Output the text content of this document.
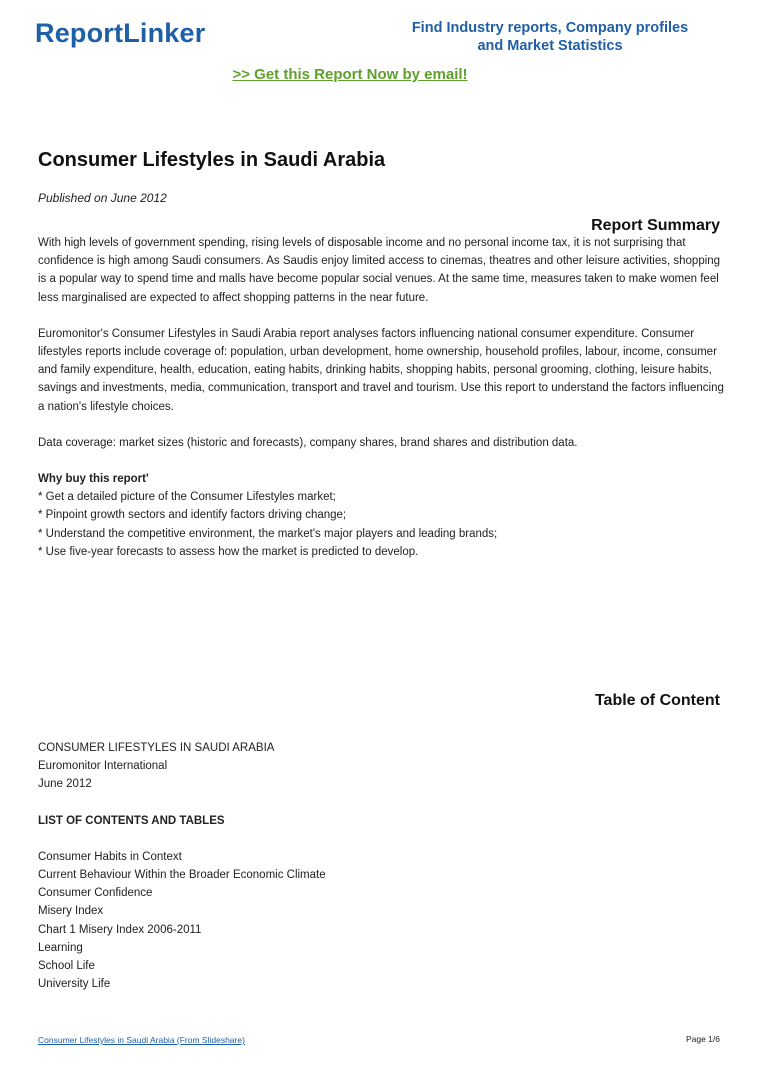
ReportLinker	Find Industry reports, Company profiles
and Market Statistics
>> Get this Report Now by email!
Consumer Lifestyles in Saudi Arabia
Published on June 2012
Report Summary

With high levels of government spending, rising levels of disposable income and no personal income tax, it is not surprising that confidence is high among Saudi consumers. As Saudis enjoy limited access to cinemas, theatres and other leisure activities, shopping is a popular way to spend time and malls have become popular social venues. At the same time, measures taken to make women feel less marginalised are expected to affect shopping patterns in the near future.

Euromonitor's Consumer Lifestyles in Saudi Arabia report analyses factors influencing national consumer expenditure. Consumer lifestyles reports include coverage of: population, urban development, home ownership, household profiles, labour, income, consumer and family expenditure, health, education, eating habits, drinking habits, shopping habits, personal grooming, clothing, leisure habits, savings and investments, media, communication, transport and travel and tourism. Use this report to understand the factors influencing a nation's lifestyle choices.

Data coverage: market sizes (historic and forecasts), company shares, brand shares and distribution data.

Why buy this report'
* Get a detailed picture of the Consumer Lifestyles market;
* Pinpoint growth sectors and identify factors driving change;
* Understand the competitive environment, the market's major players and leading brands;
* Use five-year forecasts to assess how the market is predicted to develop.
Table of Content
CONSUMER LIFESTYLES IN SAUDI ARABIA
Euromonitor International
June 2012
LIST OF CONTENTS AND TABLES
Consumer Habits in Context
Current Behaviour Within the Broader Economic Climate
Consumer Confidence
Misery Index
Chart 1 Misery Index 2006-2011
Learning
School Life
University Life
Consumer Lifestyles in Saudi Arabia (From Slideshare)	Page 1/6
